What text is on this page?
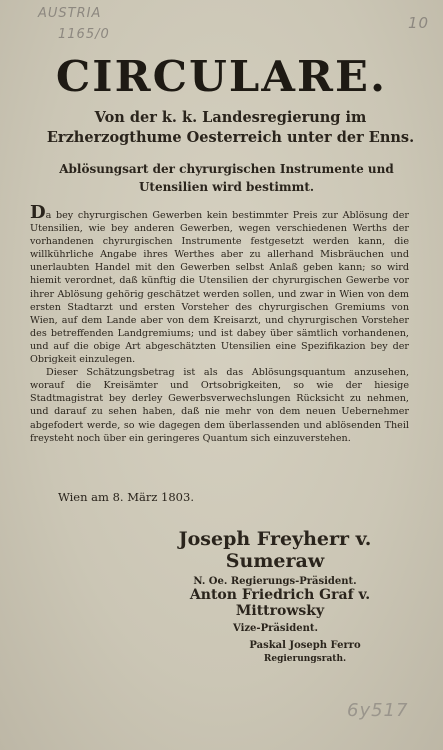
AUSTRIA
1165/0
10
CIRCULARE.
Von der k. k. Landesregierung im Erzherzogthume Oesterreich unter der Enns.
Ablösungsart der chyrurgischen Instrumente und Utensilien wird bestimmt.

Da bey chyrurgischen Gewerben kein bestimmter Preis zur Ablösung der Utensilien, wie bey anderen Gewerben, wegen verschiedenen Werths der vorhandenen chyrurgischen Instrumente festgesetzt werden kann, die willkührliche Angabe ihres Werthes aber zu allerhand Misbräuchen und unerlaubten Handel mit den Gewerben selbst Anlaß geben kann; so wird hiemit verordnet, daß künftig die Utensilien der chyrurgischen Gewerbe vor ihrer Ablösung gehörig geschätzet werden sollen, und zwar in Wien von dem ersten Stadtarzt und ersten Vorsteher des chyrurgischen Gremiums von Wien, auf dem Lande aber von dem Kreisarzt, und chyrurgischen Vorsteher des betreffenden Landgremiums; und ist dabey über sämtlich vorhandenen, und auf die obige Art abgeschätzten Utensilien eine Spezifikazion bey der Obrigkeit einzulegen.

Dieser Schätzungsbetrag ist als das Ablösungsquantum anzusehen, worauf die Kreisämter und Ortsobrigkeiten, so wie der hiesige Stadtmagistrat bey derley Gewerbsverwechslungen Rücksicht zu nehmen, und darauf zu sehen haben, daß nie mehr von dem neuen Uebernehmer abgefodert werde, so wie dagegen dem überlassenden und ablösenden Theil freysteht noch über ein geringeres Quantum sich einzuverstehen.

Wien am 8. März 1803.
Joseph Freyherr v. Sumeraw
N. Oe. Regierungs-Präsident.
Anton Friedrich Graf v. Mittrowsky
Vize-Präsident.
Paskal Joseph Ferro
Regierungsrath.
6y517
